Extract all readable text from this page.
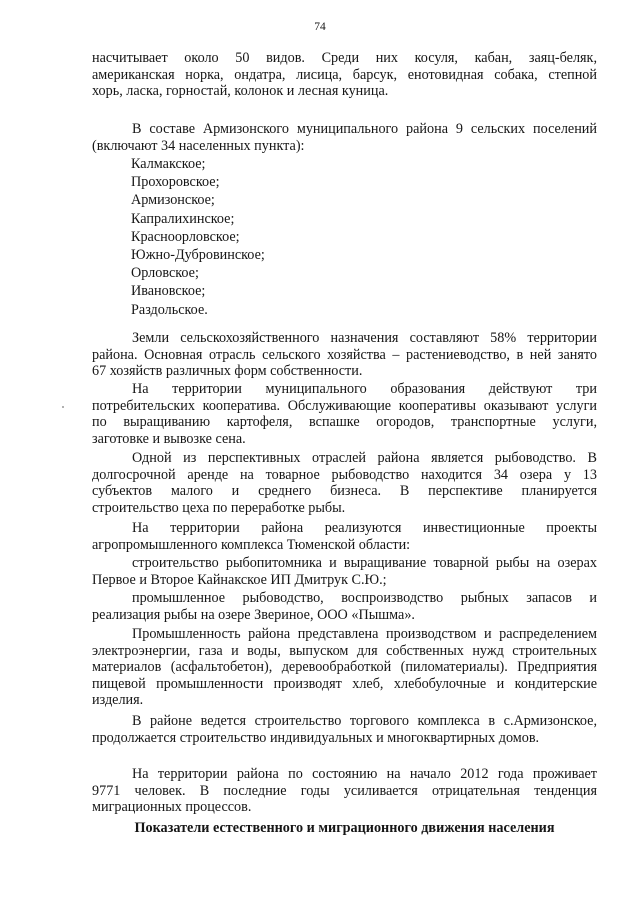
74

насчитывает около 50 видов. Среди них косуля, кабан, заяц-беляк,
американская норка, ондатра, лисица, барсук, енотовидная собака, степной
хорь, ласка, горностай, колонок и лесная куница.

В составе Армизонского муниципального района 9 сельских поселений
(включают 34 населенных пункта):

Калмакское;
Прохоровское;
Армизонское;
Капралихинское;
Красноорловское;
Южно-Дубровинское;
Орловское;
Ивановское;
Раздольское.

Земли сельскохозяйственного назначения составляют 58% территории
района. Основная отрасль сельского хозяйства – растениеводство, в ней занято
67 хозяйств различных форм собственности.

На территории муниципального образования действуют три
потребительских кооператива. Обслуживающие кооперативы оказывают услуги
по выращиванию картофеля, вспашке огородов, транспортные услуги,
заготовке и вывозке сена.

Одной из перспективных отраслей района является рыбоводство. В
долгосрочной аренде на товарное рыбоводство находится 34 озера у 13
субъектов малого и среднего бизнеса. В перспективе планируется
строительство цеха по переработке рыбы.

На территории района реализуются инвестиционные проекты
агропромышленного комплекса Тюменской области:

строительство рыбопитомника и выращивание товарной рыбы на озерах
Первое и Второе Кайнакское ИП Дмитрук С.Ю.;

промышленное рыбоводство, воспроизводство рыбных запасов и
реализация рыбы на озере Звериное, ООО «Пышма».

Промышленность района представлена производством и распределением
электроэнергии, газа и воды, выпуском для собственных нужд строительных
материалов (асфальтобетон), деревообработкой (пиломатериалы). Предприятия
пищевой промышленности производят хлеб, хлебобулочные и кондитерские
изделия.

В районе ведется строительство торгового комплекса в с.Армизонское,
продолжается строительство индивидуальных и многоквартирных домов.

На территории района по состоянию на начало 2012 года проживает
9771 человек. В последние годы усиливается отрицательная тенденция
миграционных процессов.

Показатели естественного и миграционного движения населения
